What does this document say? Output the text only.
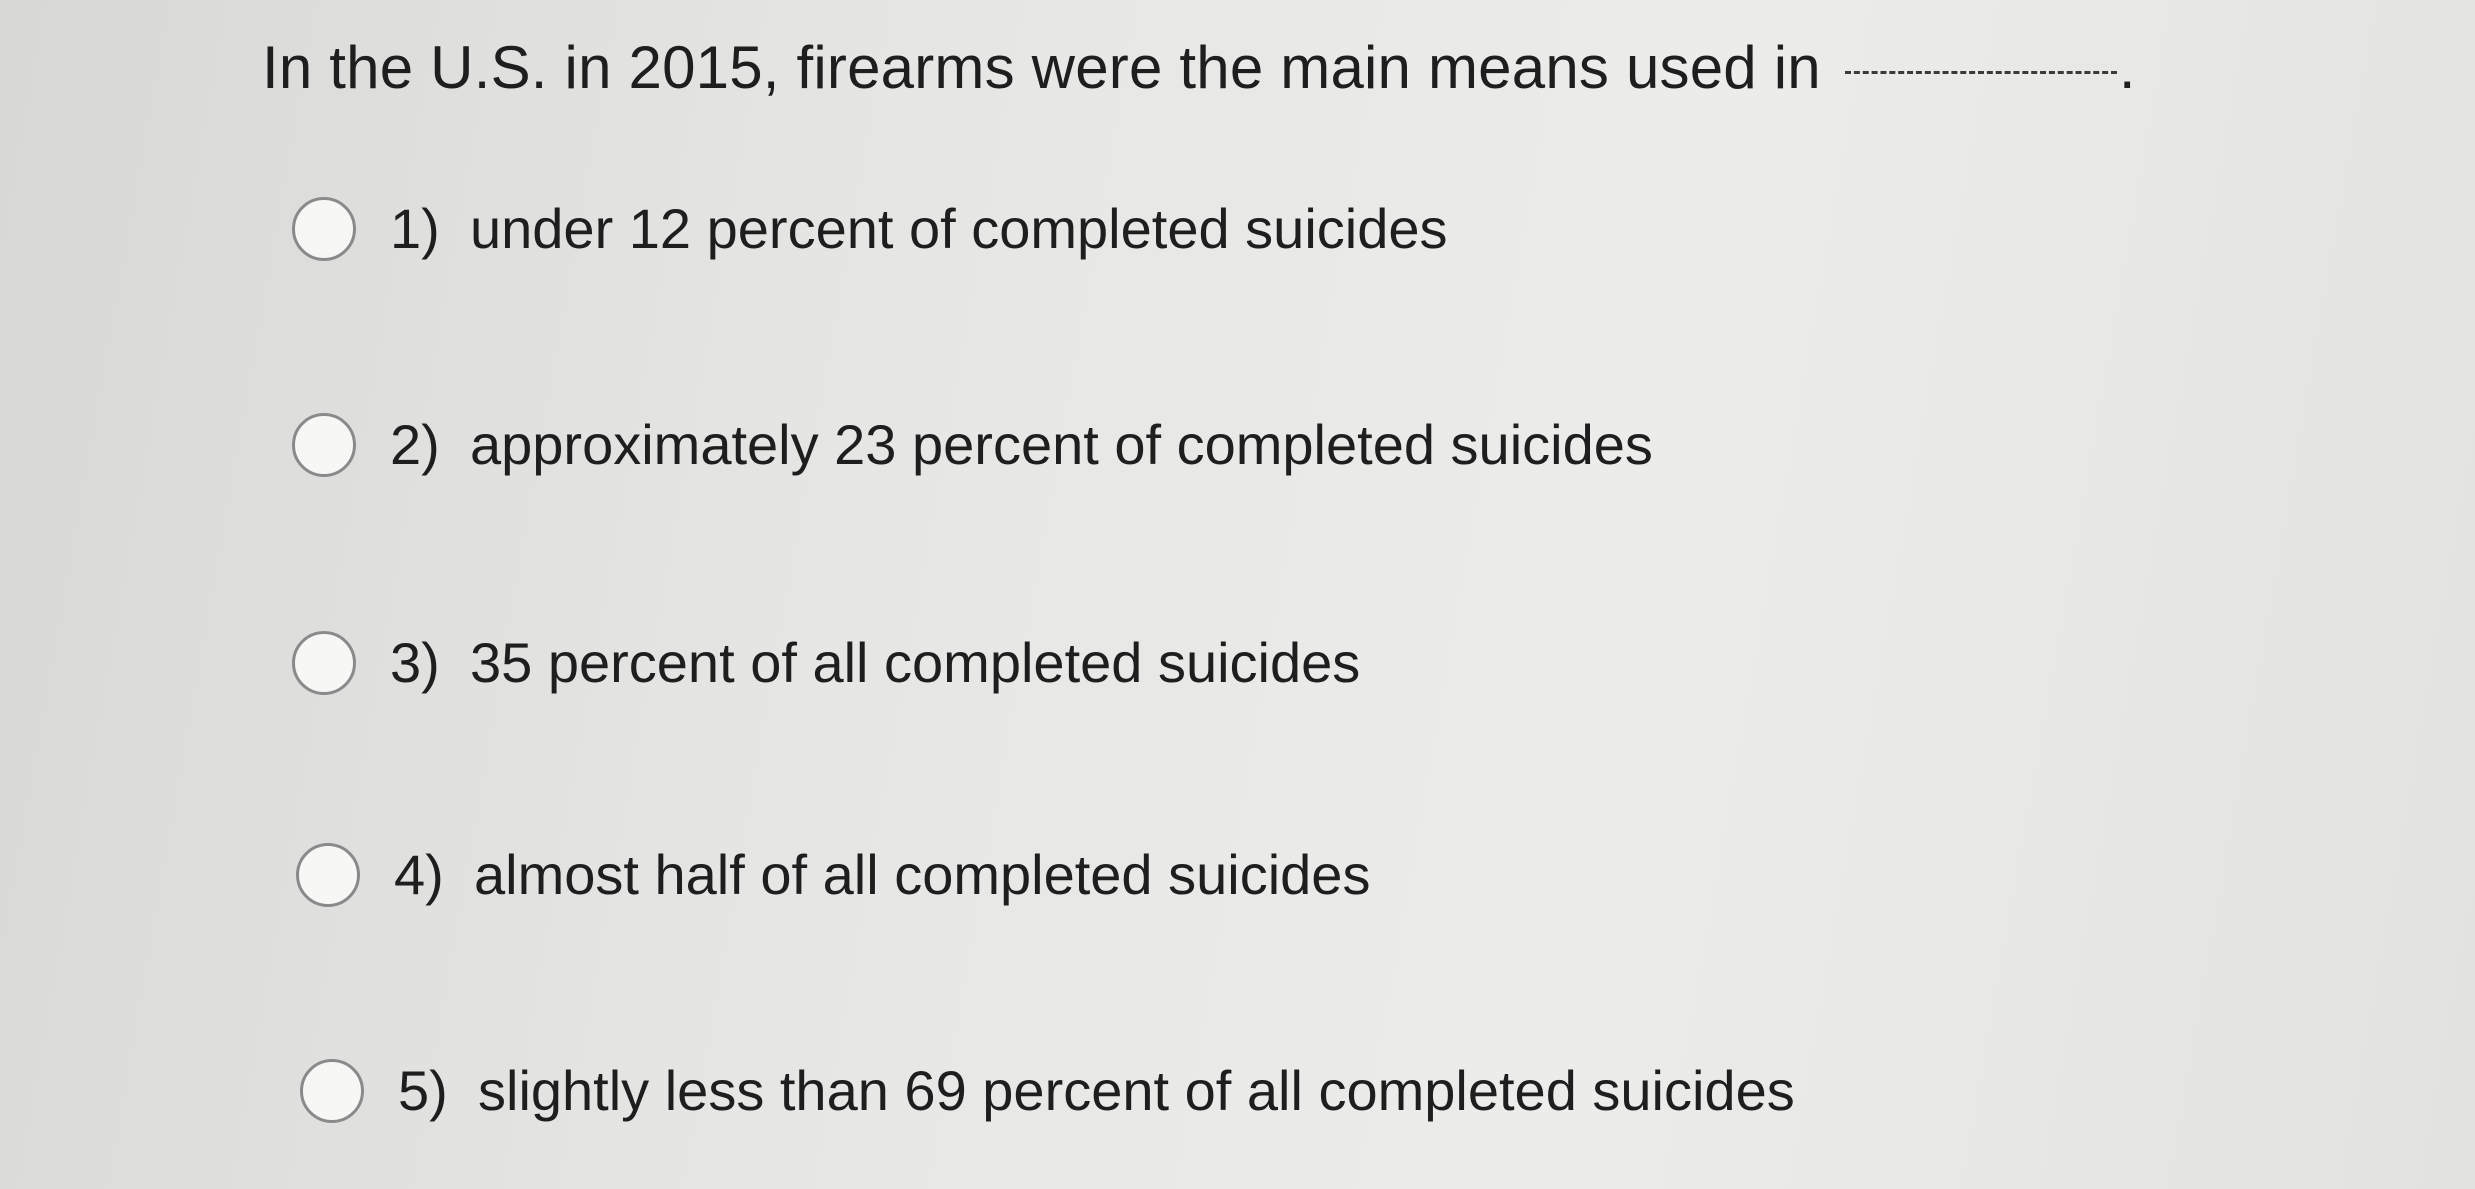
In the U.S. in 2015, firearms were the main means used in	.
1) under 12 percent of completed suicides
2) approximately 23 percent of completed suicides
3) 35 percent of all completed suicides
4) almost half of all completed suicides
5) slightly less than 69 percent of all completed suicides
